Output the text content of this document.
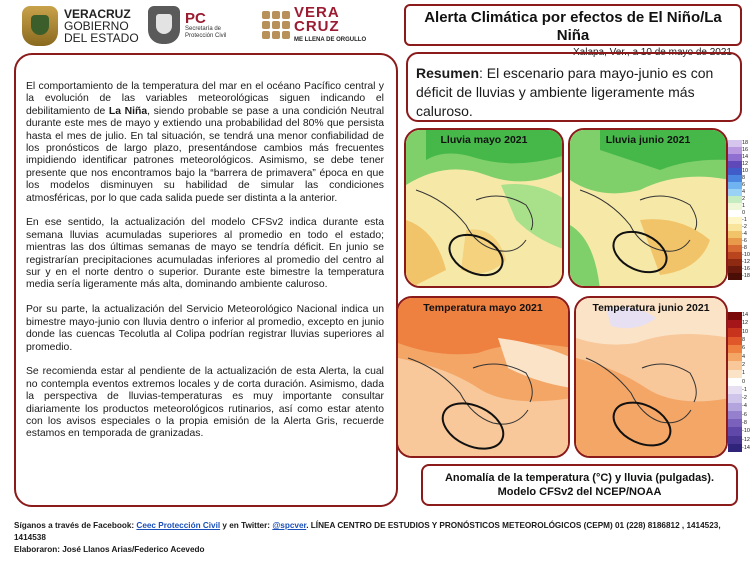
VERACRUZ
GOBIERNO
DEL ESTADO
PC
Secretaría de
Protección Civil
VERA
CRUZ
ME LLENA DE ORGULLO
Alerta Climática por efectos de El Niño/La Niña
Xalapa, Ver., a 10 de mayo de 2021
Resumen: El escenario para mayo-junio es con déficit de lluvias y ambiente ligeramente más caluroso.

El comportamiento de la temperatura del mar en el océano Pacífico central y la evolución de las variables meteorológicas siguen indicando el debilitamiento de La Niña, siendo probable se pase a una condición Neutral durante este mes de mayo y extiendo una probabilidad del 80% que persista hasta el mes de julio. En tal situación, se tendrá una menor confiabilidad de los pronósticos de largo plazo, presentándose cambios más frecuentes impidiendo identificar patrones meteorológicos. Asimismo, se debe tener presente que nos encontramos bajo la “barrera de primavera” época en que los modelos disminuyen su habilidad de simular las condiciones atmosféricas, por lo que cada salida puede ser distinta a la anterior.

En ese sentido, la actualización del modelo CFSv2 indica durante esta semana lluvias acumuladas superiores al promedio en todo el estado; mientras las dos últimas semanas de mayo se tendría déficit. En junio se registrarían precipitaciones acumuladas inferiores al promedio del centro al sur y en el norte dentro o superior. Durante este bimestre la temperatura media sería ligeramente más alta, dominando ambiente caluroso.

Por su parte, la actualización del Servicio Meteorológico Nacional indica un bimestre mayo-junio con lluvia dentro o inferior al promedio, excepto en junio donde las cuencas Tecolutla al Colipa podrían registrar lluvias superiores al promedio.

Se recomienda estar al pendiente de la actualización de esta Alerta, la cual no contempla eventos extremos locales y de corta duración. Asimismo, dada la perspectiva de lluvias-temperaturas es muy importante consultar diariamente los productos meteorológicos rutinarios, así como estar atento con los avisos especiales o la propia emisión de la Alerta Gris, recuerde estamos en temporada de granizadas.

Lluvia mayo 2021	Lluvia junio 2021
Temperatura mayo 2021	Temperatura junio 2021
Anomalía de la temperatura (°C) y lluvia (pulgadas).
Modelo CFSv2 del NCEP/NOAA
Síganos a través de Facebook: Ceec Protección Civil y en Twitter: @spcver. LÍNEA CENTRO DE ESTUDIOS Y PRONÓSTICOS METEOROLÓGICOS (CEPM) 01 (228) 8186812 , 1414523, 1414538
Elaboraron: José Llanos Arias/Federico Acevedo
18
16
14
12
10
8
6
4
2
1
0
-1
-2
-4
-6
-8
-10
-12
-16
-18
14
12
10
8
6
4
2
1
0
-1
-2
-4
-6
-8
-10
-12
-14
